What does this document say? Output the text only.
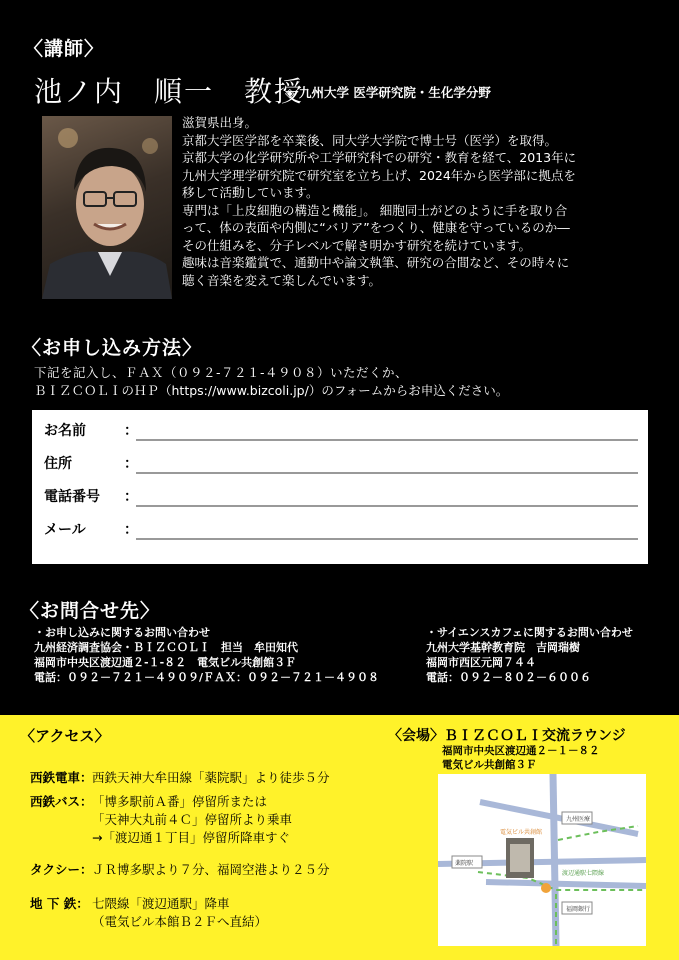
〈講師〉
池ノ内　順一　教授
◈ 九州大学 医学研究院・生化学分野
滋賀県出身。
京都大学医学部を卒業後、同大学大学院で博士号（医学）を取得。
京都大学の化学研究所や工学研究科での研究・教育を経て、2013年に
九州大学理学研究院で研究室を立ち上げ、2024年から医学部に拠点を
移して活動しています。
専門は「上皮細胞の構造と機能」。 細胞同士がどのように手を取り合
って、体の表面や内側に“バリア”をつくり、健康を守っているのか―
その仕組みを、分子レベルで解き明かす研究を続けています。
趣味は音楽鑑賞で、通勤中や論文執筆、研究の合間など、その時々に
聴く音楽を変えて楽しんでいます。
〈お申し込み方法〉
下記を記入し、ＦＡＸ（０９２-７２１-４９０８）いただくか、
ＢＩＺＣＯＬＩのＨＰ（https://www.bizcoli.jp/）のフォームからお申込ください。
お名前	：
住所	：
電話番号 ：
メール	：
〈お問合せ先〉
・お申し込みに関するお問い合わせ
九州経済調査協会・ＢＩＺＣＯＬＩ　担当　牟田知代
福岡市中央区渡辺通２-１-８２　電気ビル共創館３Ｆ
電話：０９２－７２１－４９０９/ＦＡＸ：０９２－７２１－４９０８
・サイエンスカフェに関するお問い合わせ
九州大学基幹教育院　吉岡瑞樹
福岡市西区元岡７４４
電話：０９２－８０２－６００６
〈アクセス〉
西鉄電車： 西鉄天神大牟田線「薬院駅」より徒歩５分
西鉄バス： 「博多駅前Ａ番」停留所または
「天神大丸前４Ｃ」停留所より乗車
→「渡辺通１丁目」停留所降車すぐ
タクシー： ＪＲ博多駅より７分、福岡空港より２５分
地 下 鉄： 七隈線「渡辺通駅」降車
（電気ビル本館Ｂ２Ｆへ直結）
〈会場〉ＢＩＺＣＯＬＩ交流ラウンジ
福岡市中央区渡辺通２－１－８２
電気ビル共創館３Ｆ
九州医療
電気ビル共創館
薬院駅
渡辺通駅七隈線
福岡銀行
